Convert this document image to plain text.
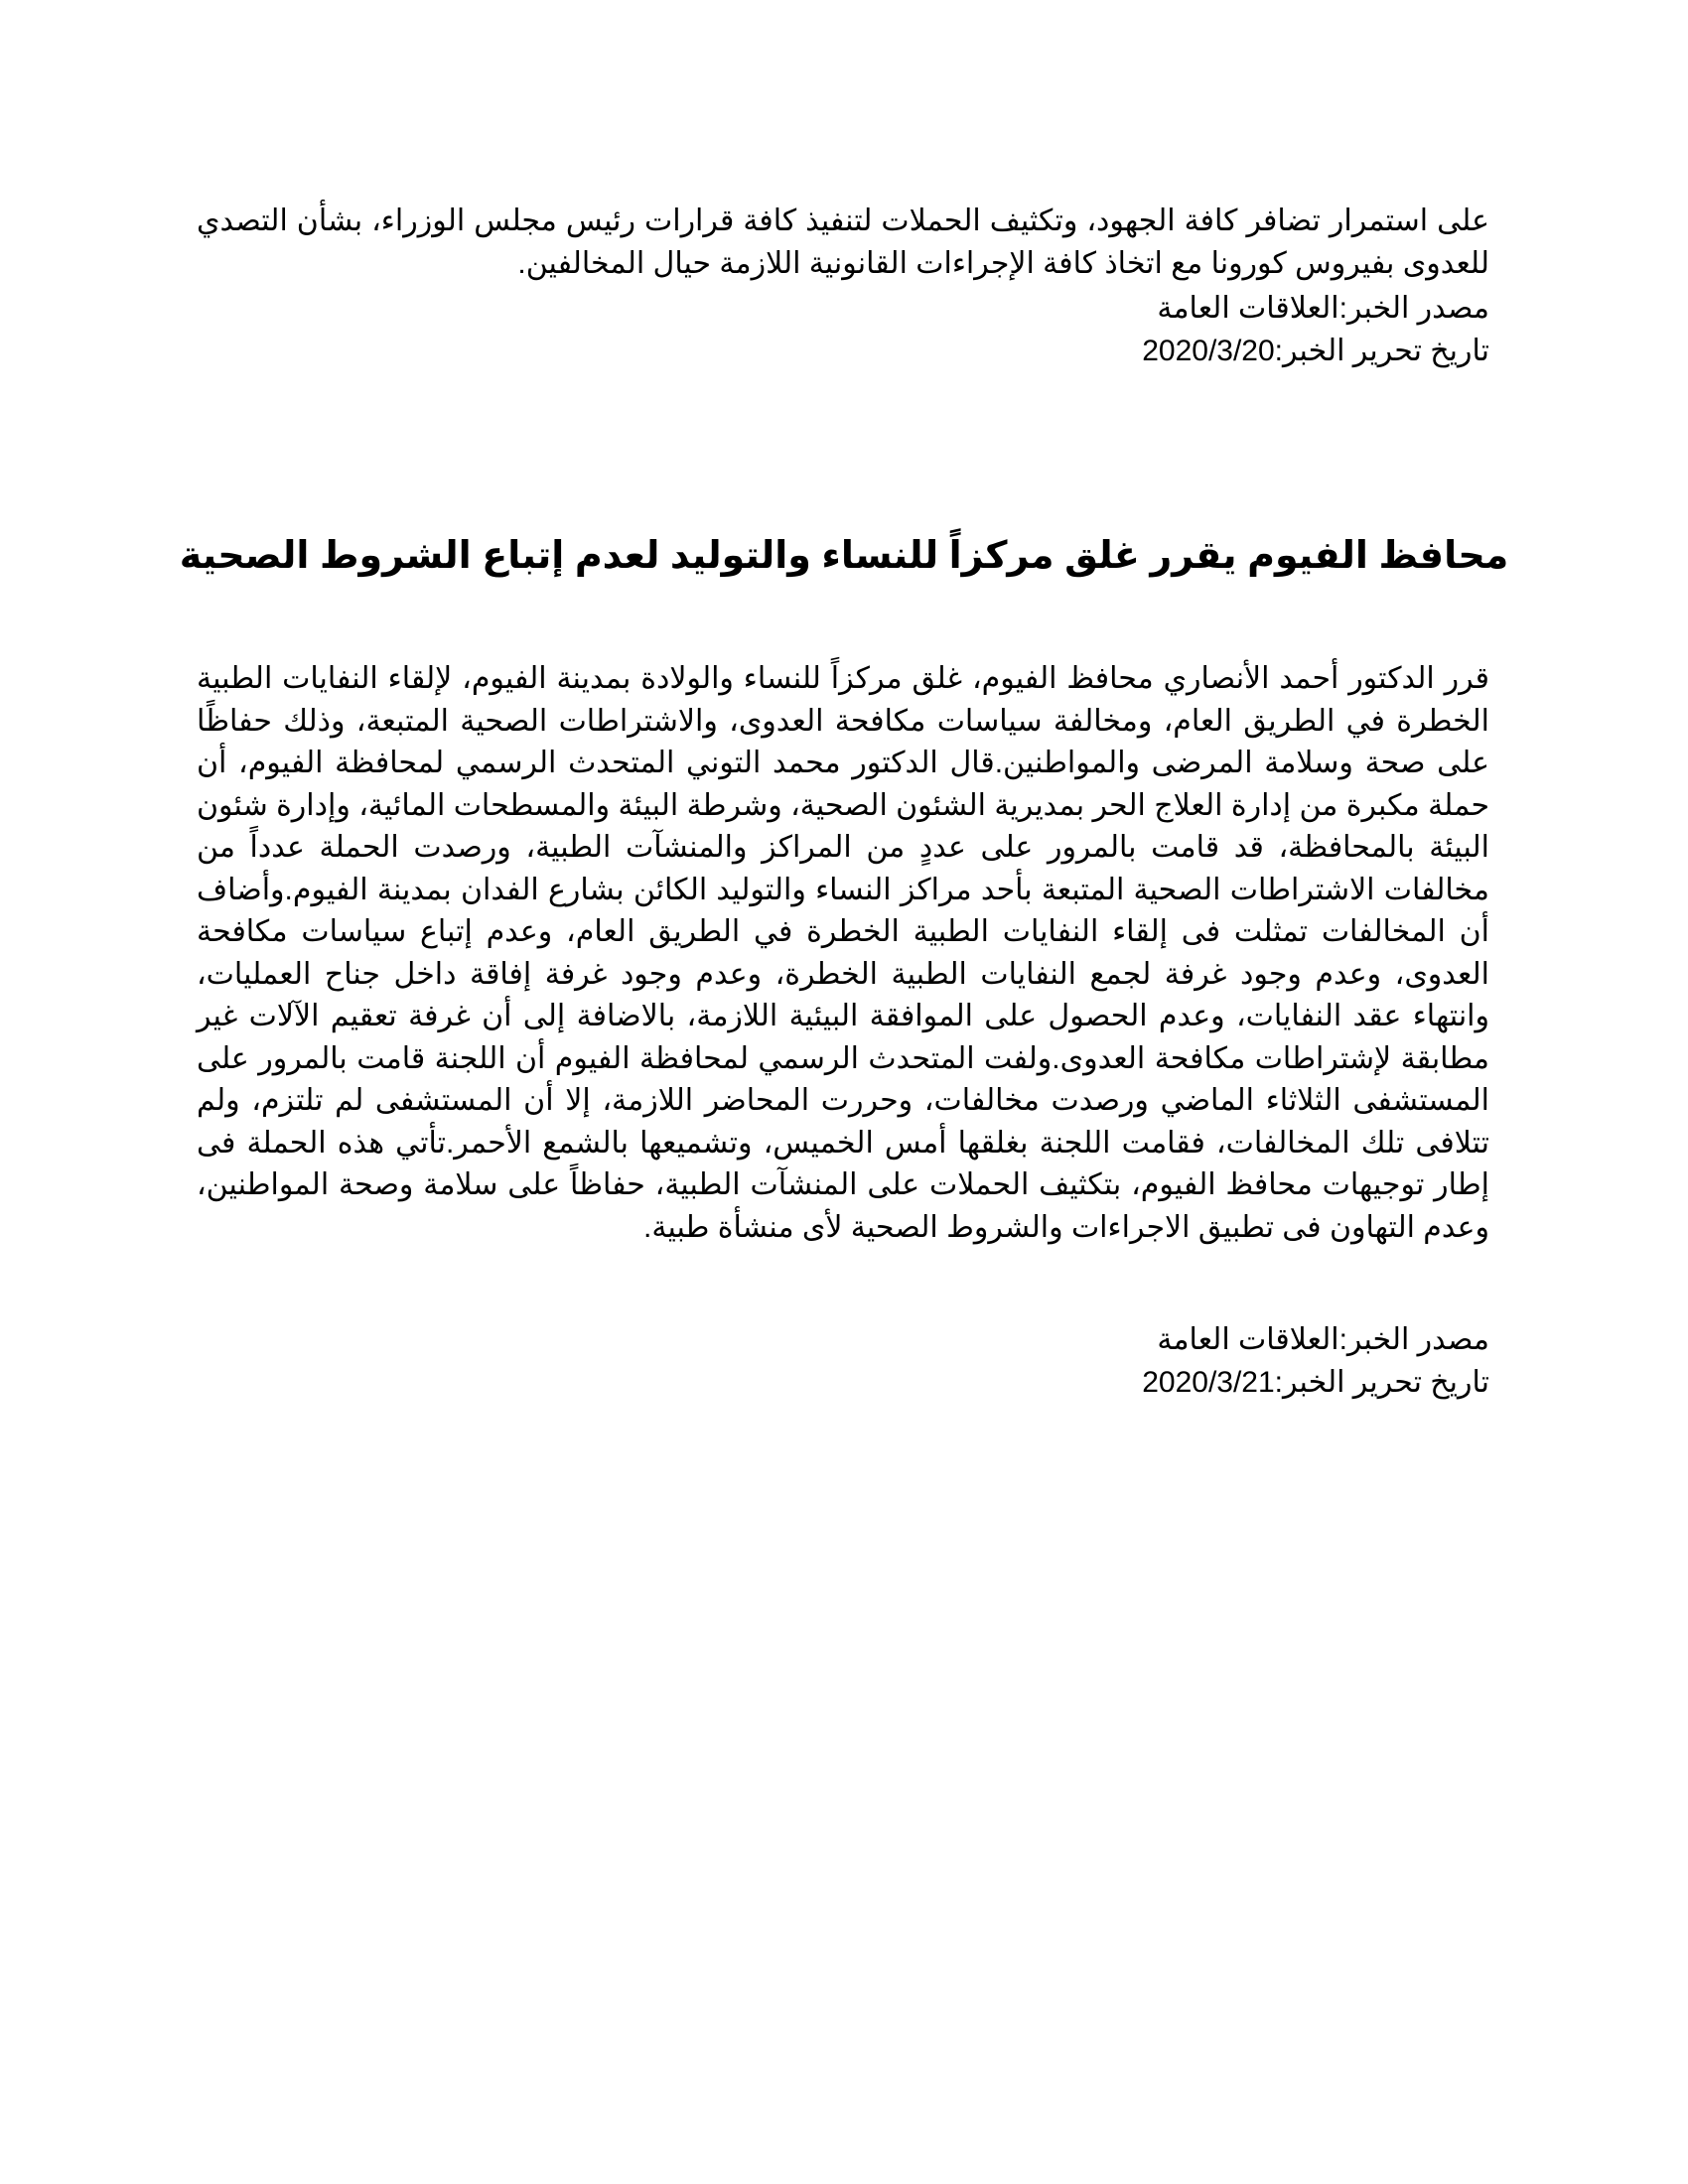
على استمرار تضافر كافة الجهود، وتكثيف الحملات لتنفيذ كافة قرارات رئيس مجلس الوزراء، بشأن التصدي للعدوى بفيروس كورونا مع اتخاذ كافة الإجراءات القانونية اللازمة حيال المخالفين.

مصدر الخبر:العلاقات العامة
تاريخ تحرير الخبر:2020/3/20
محافظ الفيوم يقرر غلق مركزاً للنساء والتوليد لعدم إتباع الشروط الصحية

قرر الدكتور أحمد الأنصاري محافظ الفيوم، غلق مركزاً للنساء والولادة بمدينة الفيوم، لإلقاء النفايات الطبية الخطرة في الطريق العام، ومخالفة سياسات مكافحة العدوى، والاشتراطات الصحية المتبعة، وذلك حفاظًا على صحة وسلامة المرضى والمواطنين.قال الدكتور محمد التوني المتحدث الرسمي لمحافظة الفيوم، أن حملة مكبرة من إدارة العلاج الحر بمديرية الشئون الصحية، وشرطة البيئة والمسطحات المائية، وإدارة شئون البيئة بالمحافظة، قد قامت بالمرور على عددٍ من المراكز والمنشآت الطبية، ورصدت الحملة عدداً من مخالفات الاشتراطات الصحية المتبعة بأحد مراكز النساء والتوليد الكائن بشارع الفدان بمدينة الفيوم.وأضاف أن المخالفات تمثلت فى إلقاء النفايات الطبية الخطرة في الطريق العام، وعدم إتباع سياسات مكافحة العدوى، وعدم وجود غرفة لجمع النفايات الطبية الخطرة، وعدم وجود غرفة إفاقة داخل جناح العمليات، وانتهاء عقد النفايات، وعدم الحصول على الموافقة البيئية اللازمة، بالاضافة إلى أن غرفة تعقيم الآلات غير مطابقة لإشتراطات مكافحة العدوى.ولفت المتحدث الرسمي لمحافظة الفيوم أن اللجنة قامت بالمرور على المستشفى الثلاثاء الماضي ورصدت مخالفات، وحررت المحاضر اللازمة، إلا أن المستشفى لم تلتزم، ولم تتلافى تلك المخالفات، فقامت اللجنة بغلقها أمس الخميس، وتشميعها بالشمع الأحمر.تأتي هذه الحملة فى إطار توجيهات محافظ الفيوم، بتكثيف الحملات على المنشآت الطبية، حفاظاً على سلامة وصحة المواطنين، وعدم التهاون فى تطبيق الاجراءات والشروط الصحية لأى منشأة طبية.

مصدر الخبر:العلاقات العامة
تاريخ تحرير الخبر:2020/3/21
